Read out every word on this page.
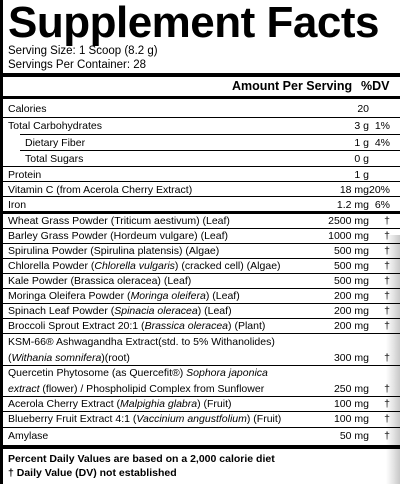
Supplement Facts
Serving Size: 1 Scoop (8.2 g)
Servings Per Container: 28
Amount Per Serving %DV
Calories	20
Total Carbohydrates	3 g 1%
Dietary Fiber	1 g 4%
Total Sugars	0 g
Protein	1 g
Vitamin C (from Acerola Cherry Extract)	18 mg 20%
Iron	1.2 mg 6%
Wheat Grass Powder (Triticum aestivum) (Leaf)	2500 mg	†
Barley Grass Powder (Hordeum vulgare) (Leaf)	1000 mg	†
Spirulina Powder (Spirulina platensis) (Algae)	500 mg	†
Chlorella Powder (Chlorella vulgaris) (cracked cell) (Algae)	500 mg	†
Kale Powder (Brassica oleracea) (Leaf)	500 mg	†
Moringa Oleifera Powder (Moringa oleifera) (Leaf)	200 mg	†
Spinach Leaf Powder (Spinacia oleracea) (Leaf)	200 mg	†
Broccoli Sprout Extract 20:1 (Brassica oleracea) (Plant)	200 mg	†
KSM-66® Ashwagandha Extract(std. to 5% Withanolides)
(Withania somnifera)(root)	300 mg	†
Quercetin Phytosome (as Quercefit®) Sophora japonica
extract (flower) / Phospholipid Complex from Sunflower	250 mg	†
Acerola Cherry Extract (Malpighia glabra) (Fruit)	100 mg	†
Blueberry Fruit Extract 4:1 (Vaccinium angustfolium) (Fruit)	100 mg	†
Amylase	50 mg	†
Percent Daily Values are based on a 2,000 calorie diet
† Daily Value (DV) not established
